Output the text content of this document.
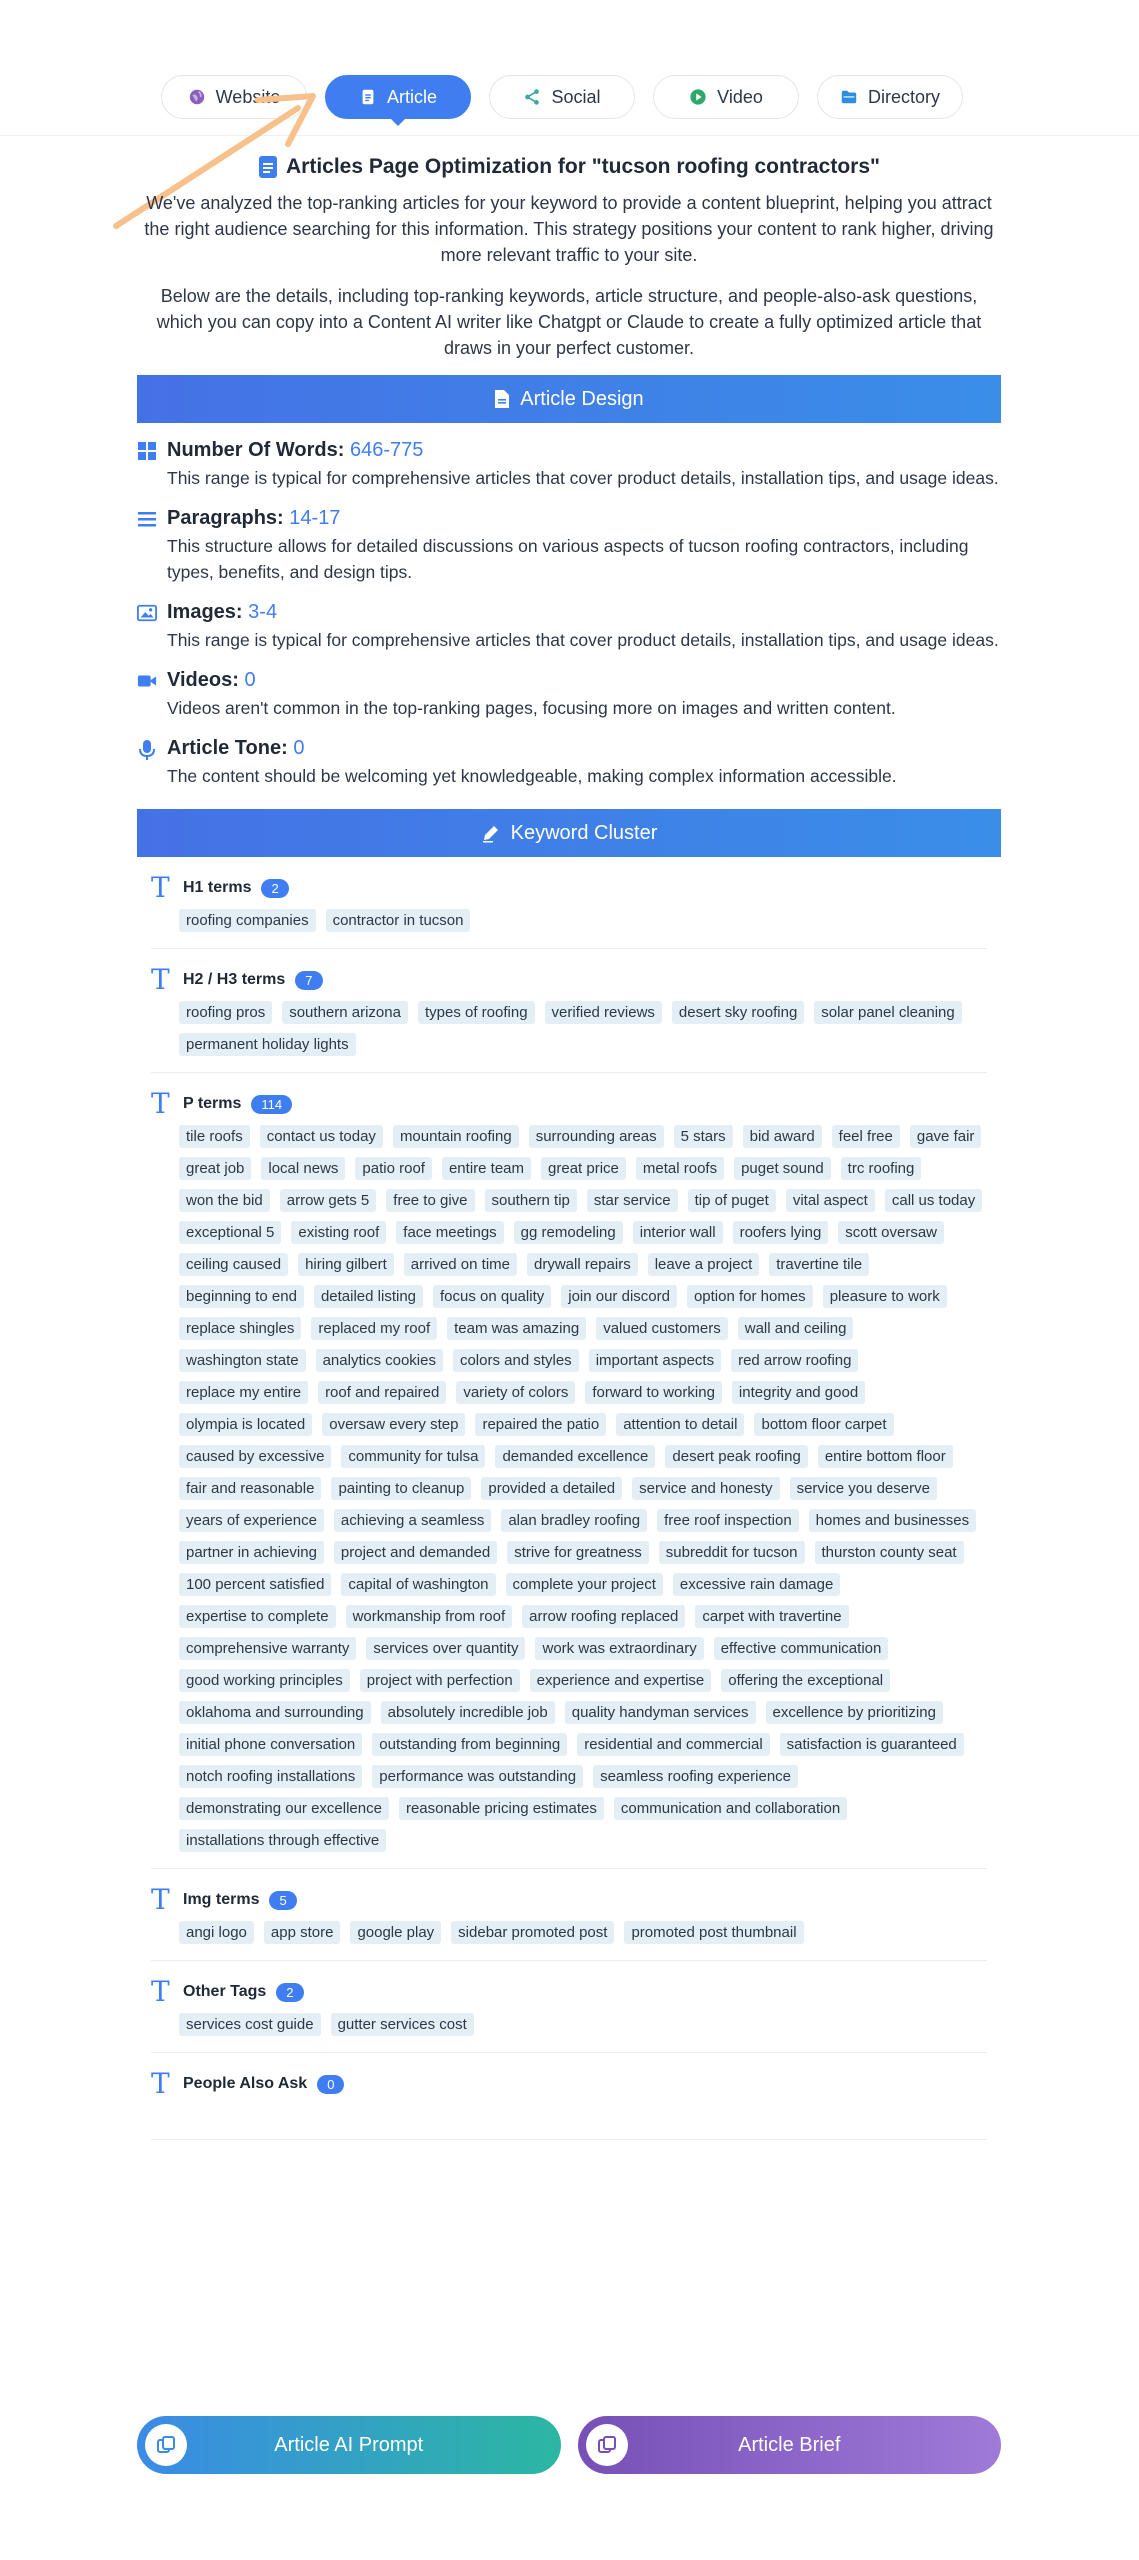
Website	Article	Social	Video	Directory
Articles Page Optimization for "tucson roofing contractors"

We've analyzed the top-ranking articles for your keyword to provide a content blueprint, helping you attract the right audience searching for this information. This strategy positions your content to rank higher, driving more relevant traffic to your site.

Below are the details, including top-ranking keywords, article structure, and people-also-ask questions, which you can copy into a Content AI writer like Chatgpt or Claude to create a fully optimized article that draws in your perfect customer.

Article Design
Number Of Words: 646-775
This range is typical for comprehensive articles that cover product details, installation tips, and usage ideas.
Paragraphs: 14-17
This structure allows for detailed discussions on various aspects of tucson roofing contractors, including types, benefits, and design tips.
Images: 3-4
This range is typical for comprehensive articles that cover product details, installation tips, and usage ideas.
Videos: 0
Videos aren't common in the top-ranking pages, focusing more on images and written content.
Article Tone: 0
The content should be welcoming yet knowledgeable, making complex information accessible.
Keyword Cluster
T H1 terms	2
roofing companies	contractor in tucson
T H2 / H3 terms	7
roofing pros	southern arizona	types of roofing	verified reviews	desert sky roofing	solar panel cleaning
permanent holiday lights
T P terms	114
tile roofs	contact us today	mountain roofing	surrounding areas	5 stars	bid award	feel free	gave fair
great job	local news	patio roof	entire team	great price	metal roofs	puget sound	trc roofing
won the bid	arrow gets 5	free to give	southern tip	star service	tip of puget	vital aspect	call us today
exceptional 5	existing roof	face meetings	gg remodeling	interior wall	roofers lying	scott oversaw
ceiling caused	hiring gilbert	arrived on time	drywall repairs	leave a project	travertine tile
beginning to end	detailed listing	focus on quality	join our discord	option for homes	pleasure to work
replace shingles	replaced my roof	team was amazing	valued customers	wall and ceiling
washington state	analytics cookies	colors and styles	important aspects	red arrow roofing
replace my entire	roof and repaired	variety of colors	forward to working	integrity and good
olympia is located	oversaw every step	repaired the patio	attention to detail	bottom floor carpet
caused by excessive	community for tulsa	demanded excellence	desert peak roofing	entire bottom floor
fair and reasonable	painting to cleanup	provided a detailed	service and honesty	service you deserve
years of experience	achieving a seamless	alan bradley roofing	free roof inspection	homes and businesses
partner in achieving	project and demanded	strive for greatness	subreddit for tucson	thurston county seat
100 percent satisfied	capital of washington	complete your project	excessive rain damage
expertise to complete	workmanship from roof	arrow roofing replaced	carpet with travertine
comprehensive warranty	services over quantity	work was extraordinary	effective communication
good working principles	project with perfection	experience and expertise	offering the exceptional
oklahoma and surrounding	absolutely incredible job	quality handyman services	excellence by prioritizing
initial phone conversation	outstanding from beginning	residential and commercial	satisfaction is guaranteed
notch roofing installations	performance was outstanding	seamless roofing experience
demonstrating our excellence	reasonable pricing estimates	communication and collaboration
installations through effective
T Img terms	5
angi logo	app store	google play	sidebar promoted post	promoted post thumbnail
T Other Tags	2
services cost guide	gutter services cost
T People Also Ask	0
Article AI Prompt	Article Brief
